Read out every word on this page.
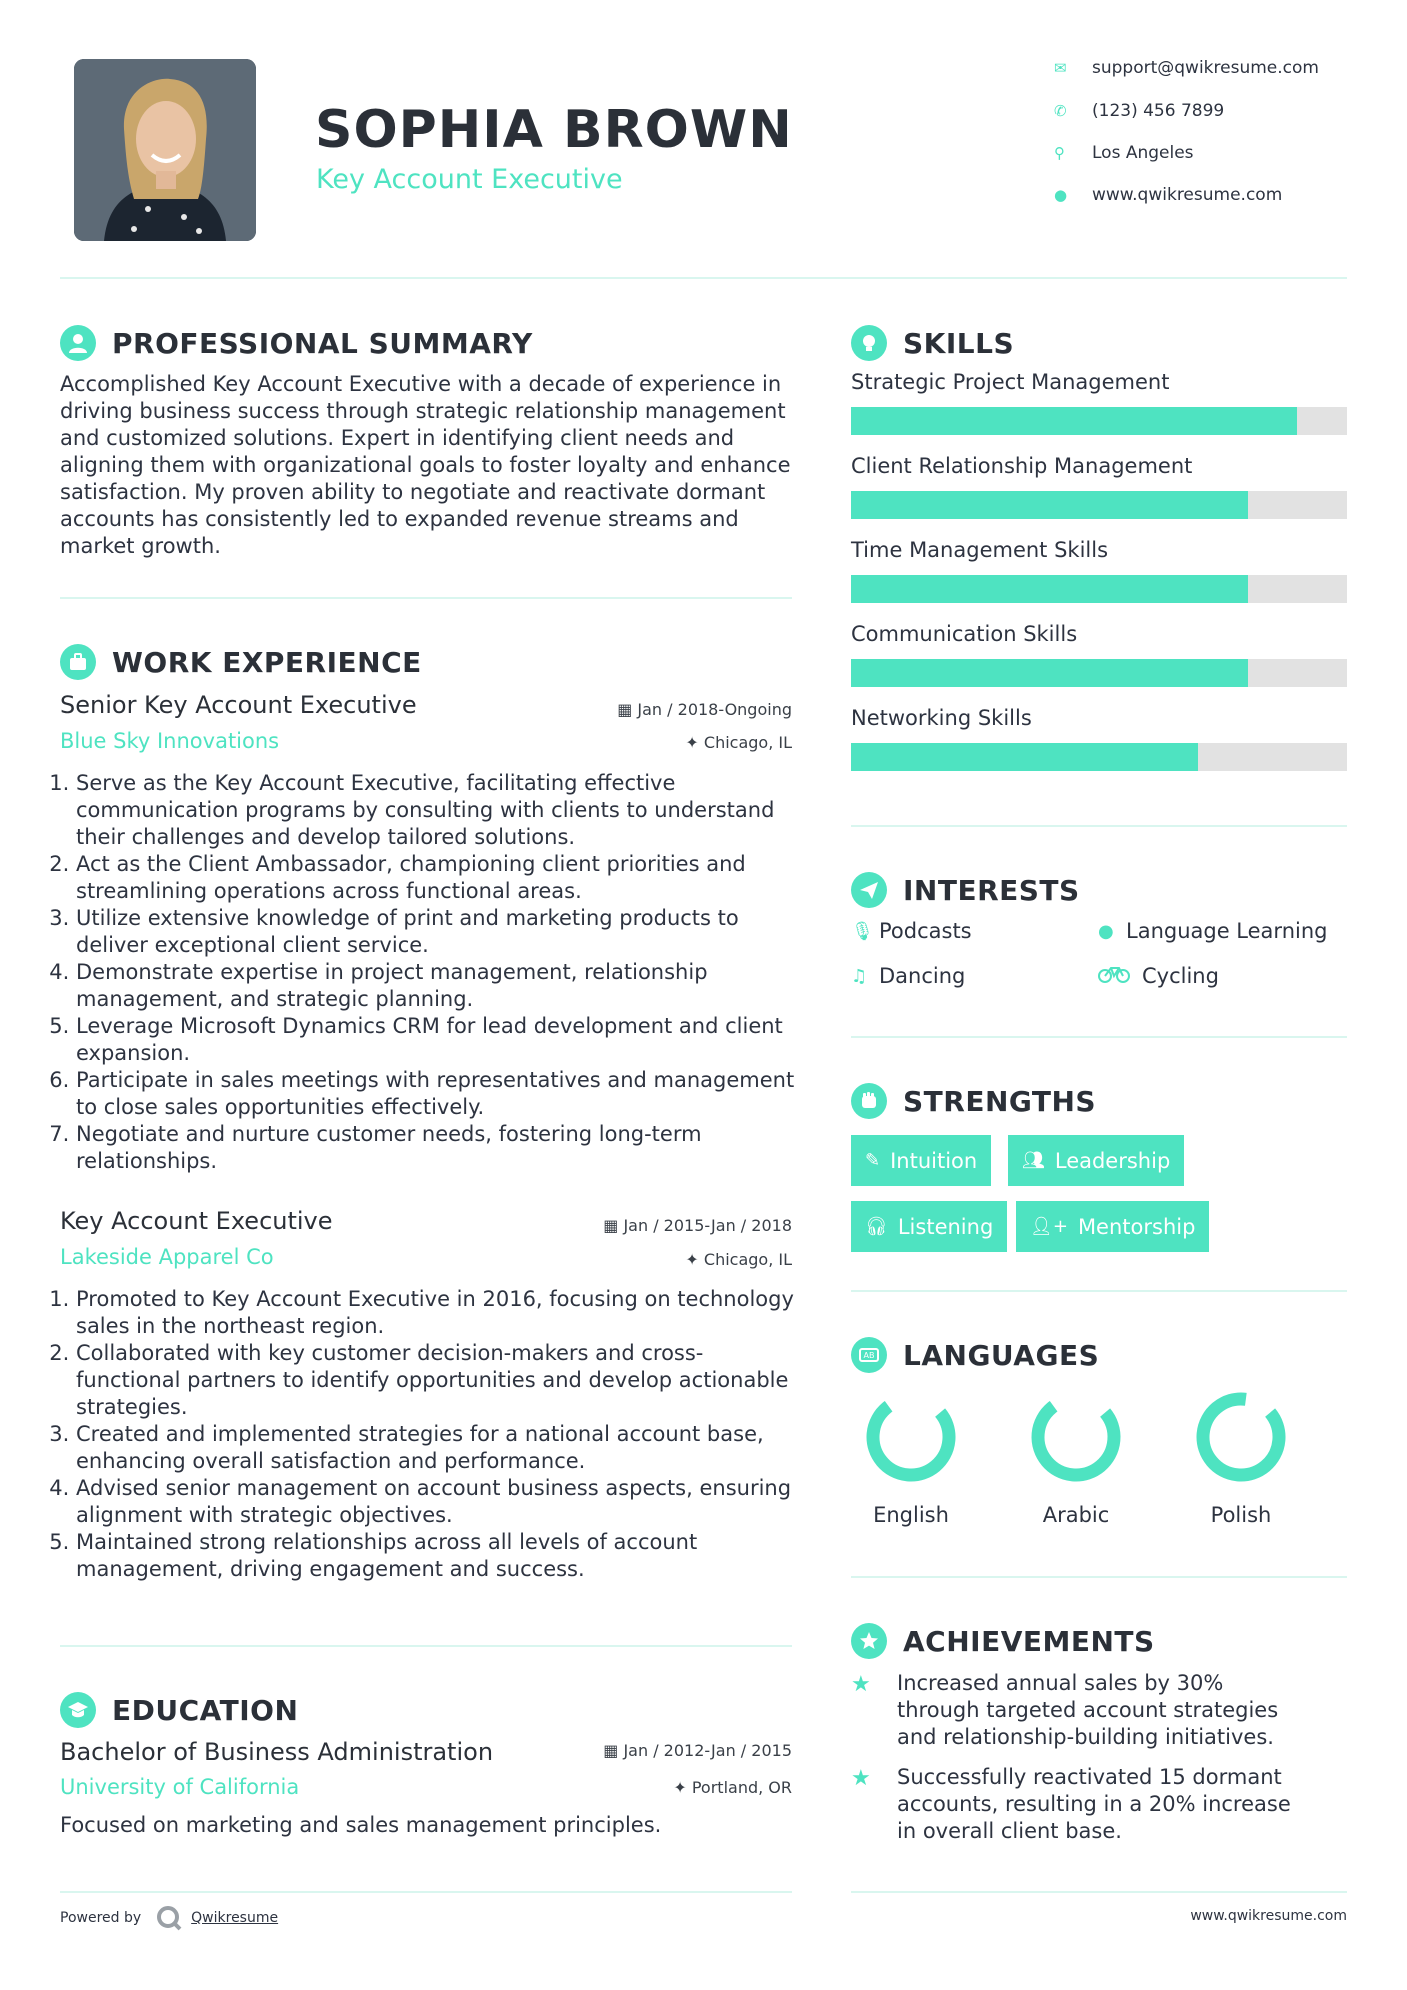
SOPHIA BROWN
Key Account Executive
✉	support@qwikresume.com
✆	(123) 456 7899
⚲	Los Angeles
●	www.qwikresume.com
PROFESSIONAL SUMMARY
Accomplished Key Account Executive with a decade of experience in driving business success through strategic relationship management and customized solutions. Expert in identifying client needs and aligning them with organizational goals to foster loyalty and enhance satisfaction. My proven ability to negotiate and reactivate dormant accounts has consistently led to expanded revenue streams and market growth.
WORK EXPERIENCE
Senior Key Account Executive	▦ Jan / 2018-Ongoing
Blue Sky Innovations	✦ Chicago, IL
1. Serve as the Key Account Executive, facilitating effective communication programs by consulting with clients to understand their challenges and develop tailored solutions.
2. Act as the Client Ambassador, championing client priorities and streamlining operations across functional areas.
3. Utilize extensive knowledge of print and marketing products to deliver exceptional client service.
4. Demonstrate expertise in project management, relationship management, and strategic planning.
5. Leverage Microsoft Dynamics CRM for lead development and client expansion.
6. Participate in sales meetings with representatives and management to close sales opportunities effectively.
7. Negotiate and nurture customer needs, fostering long-term relationships.
Key Account Executive	▦ Jan / 2015-Jan / 2018
Lakeside Apparel Co	✦ Chicago, IL
1. Promoted to Key Account Executive in 2016, focusing on technology sales in the northeast region.
2. Collaborated with key customer decision-makers and cross-functional partners to identify opportunities and develop actionable strategies.
3. Created and implemented strategies for a national account base, enhancing overall satisfaction and performance.
4. Advised senior management on account business aspects, ensuring alignment with strategic objectives.
5. Maintained strong relationships across all levels of account management, driving engagement and success.
EDUCATION
Bachelor of Business Administration	▦ Jan / 2012-Jan / 2015
University of California	✦ Portland, OR
Focused on marketing and sales management principles.
SKILLS
Strategic Project Management
Client Relationship Management
Time Management Skills
Communication Skills
Networking Skills
INTERESTS
🎙︎ Podcasts	● Language Learning
♫ Dancing	Cycling
STRENGTHS
✎ Intuition 👥︎ Leadership
🎧︎ Listening 👤︎+ Mentorship
AB LANGUAGES
English	Arabic	Polish
ACHIEVEMENTS
★	Increased annual sales by 30% through targeted account strategies and relationship-building initiatives.
★	Successfully reactivated 15 dormant accounts, resulting in a 20% increase in overall client base.
Powered by	Qwikresume	www.qwikresume.com
